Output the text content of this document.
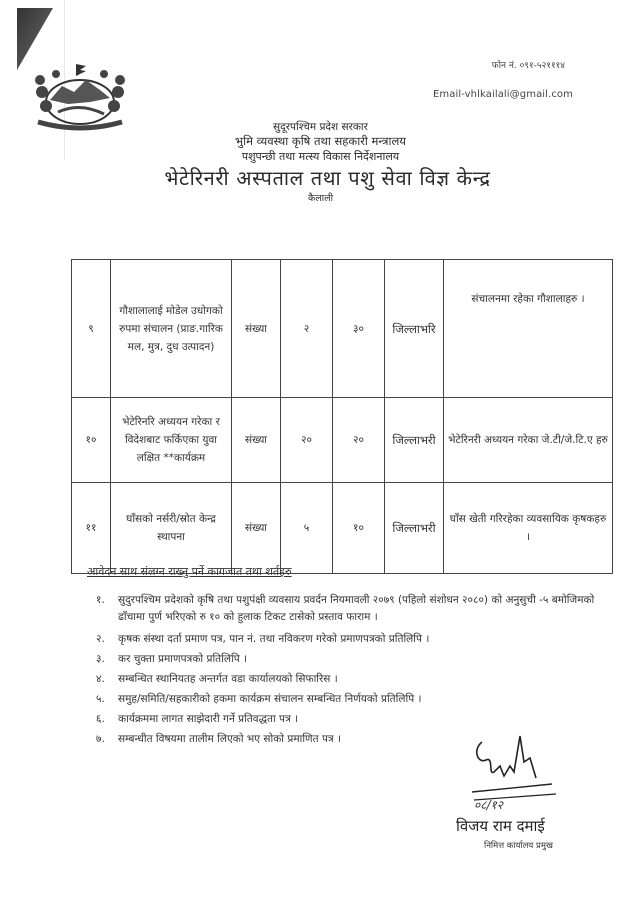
फोन नं. ०९१-५२१११४
Email-vhlkailali@gmail.com
सुदूरपश्चिम प्रदेश सरकार
भुमि व्यवस्था कृषि तथा सहकारी मन्त्रालय
पशुपन्छी तथा मत्स्य विकास निर्देशनालय
भेटेरिनरी अस्पताल तथा पशु सेवा विज्ञ केन्द्र
कैलाली
९	गौशालालाई मोडेल उधोगको रुपमा संचालन (प्राङ.गारिक मल, मुत्र, दुध उत्पादन)	संख्या	२	३०	जिल्लाभरि	संचालनमा रहेका गौशालाहरु ।
१०	भेटेरिनरि अध्ययन गरेका र विदेशबाट फर्किएका युवा लक्षित **कार्यक्रम	संख्या	२०	२०	जिल्लाभरी	भेटेरिनरी अध्ययन गरेका जे.टी/जे.टि.ए हरु
११	घाँसको नर्सरी/स्रोत केन्द्र स्थापना	संख्या	५	१०	जिल्लाभरी	घाँस खेती गरिरहेका व्यवसायिक कृषकहरु ।
आवेदन साथ संलग्न राख्नु पर्ने कागजात तथा शर्तहरु
१.	सुदुरपश्चिम प्रदेशको कृषि तथा पशुपंक्षी व्यवसाय प्रवर्दन नियमावली २०७९ (पहिलो संशोधन २०८०) को अनुसुची -५ बमोजिमको ढाँचामा पुर्ण भरिएको रु १० को हुलाक टिकट टासेको प्रस्ताव फाराम ।
२.	कृषक संस्था दर्ता प्रमाण पत्र, पान नं. तथा नविकरण गरेको प्रमाणपत्रको प्रतिलिपि ।
३.	कर चुक्ता प्रमाणपत्रको प्रतिलिपि ।
४.	सम्बन्धित स्थानियतह अन्तर्गत वडा कार्यालयको सिफारिस ।
५.	समुह/समिति/सहकारीको हकमा कार्यक्रम संचालन सम्बन्धित निर्णयको प्रतिलिपि ।
६.	कार्यक्रममा लागत साझेदारी गर्ने प्रतिवद्धता पत्र ।
७.	सम्बन्धीत विषयमा तालीम लिएको भए सोको प्रमाणित पत्र ।
०८/१२
विजय राम दमाई
निमित्त कार्यालय प्रमुख
